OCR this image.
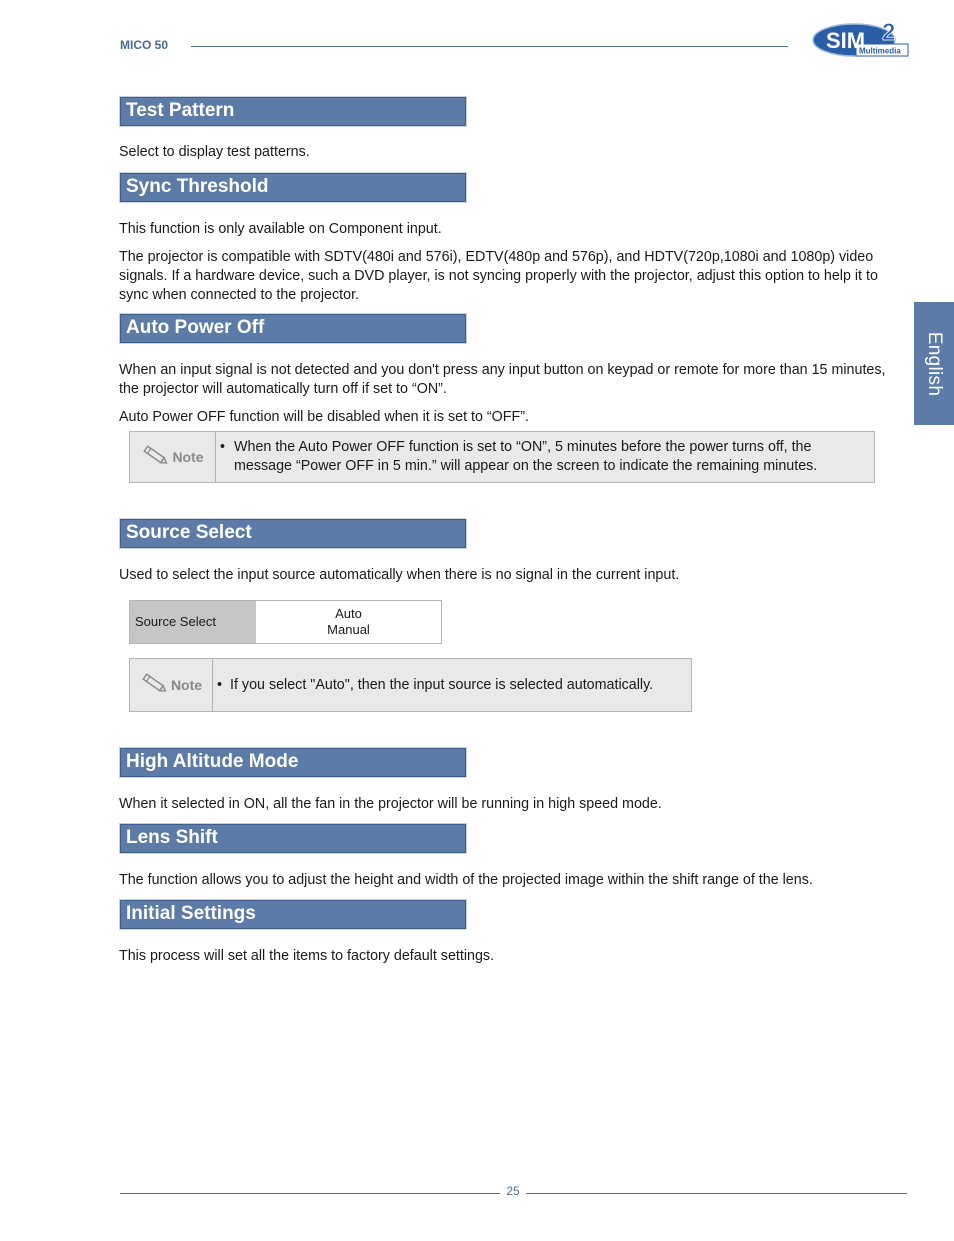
MICO 50	SIM 2
Multimedia
English
Test Pattern
Select to display test patterns.
Sync Threshold
This function is only available on Component input.
The projector is compatible with SDTV(480i and 576i), EDTV(480p and 576p), and HDTV(720p,1080i and 1080p) video signals. If a hardware device, such a DVD player, is not syncing properly with the projector, adjust this option to help it to sync when connected to the projector.
Auto Power Off
When an input signal is not detected and you don't press any input button on keypad or remote for more than 15 minutes, the projector will automatically turn off if set to “ON”.
Auto Power OFF function will be disabled when it is set to “OFF”.
Note
• When the Auto Power OFF function is set to “ON”, 5 minutes before the power turns off, the message “Power OFF in 5 min.” will appear on the screen to indicate the remaining minutes.
Source Select
Used to select the input source automatically when there is no signal in the current input.
Source Select
Auto
Manual
Note • If you select "Auto", then the input source is selected automatically.
High Altitude Mode
When it selected in ON, all the fan in the projector will be running in high speed mode.
Lens Shift
The function allows you to adjust the height and width of the projected image within the shift range of the lens.
Initial Settings
This process will set all the items to factory default settings.
25
